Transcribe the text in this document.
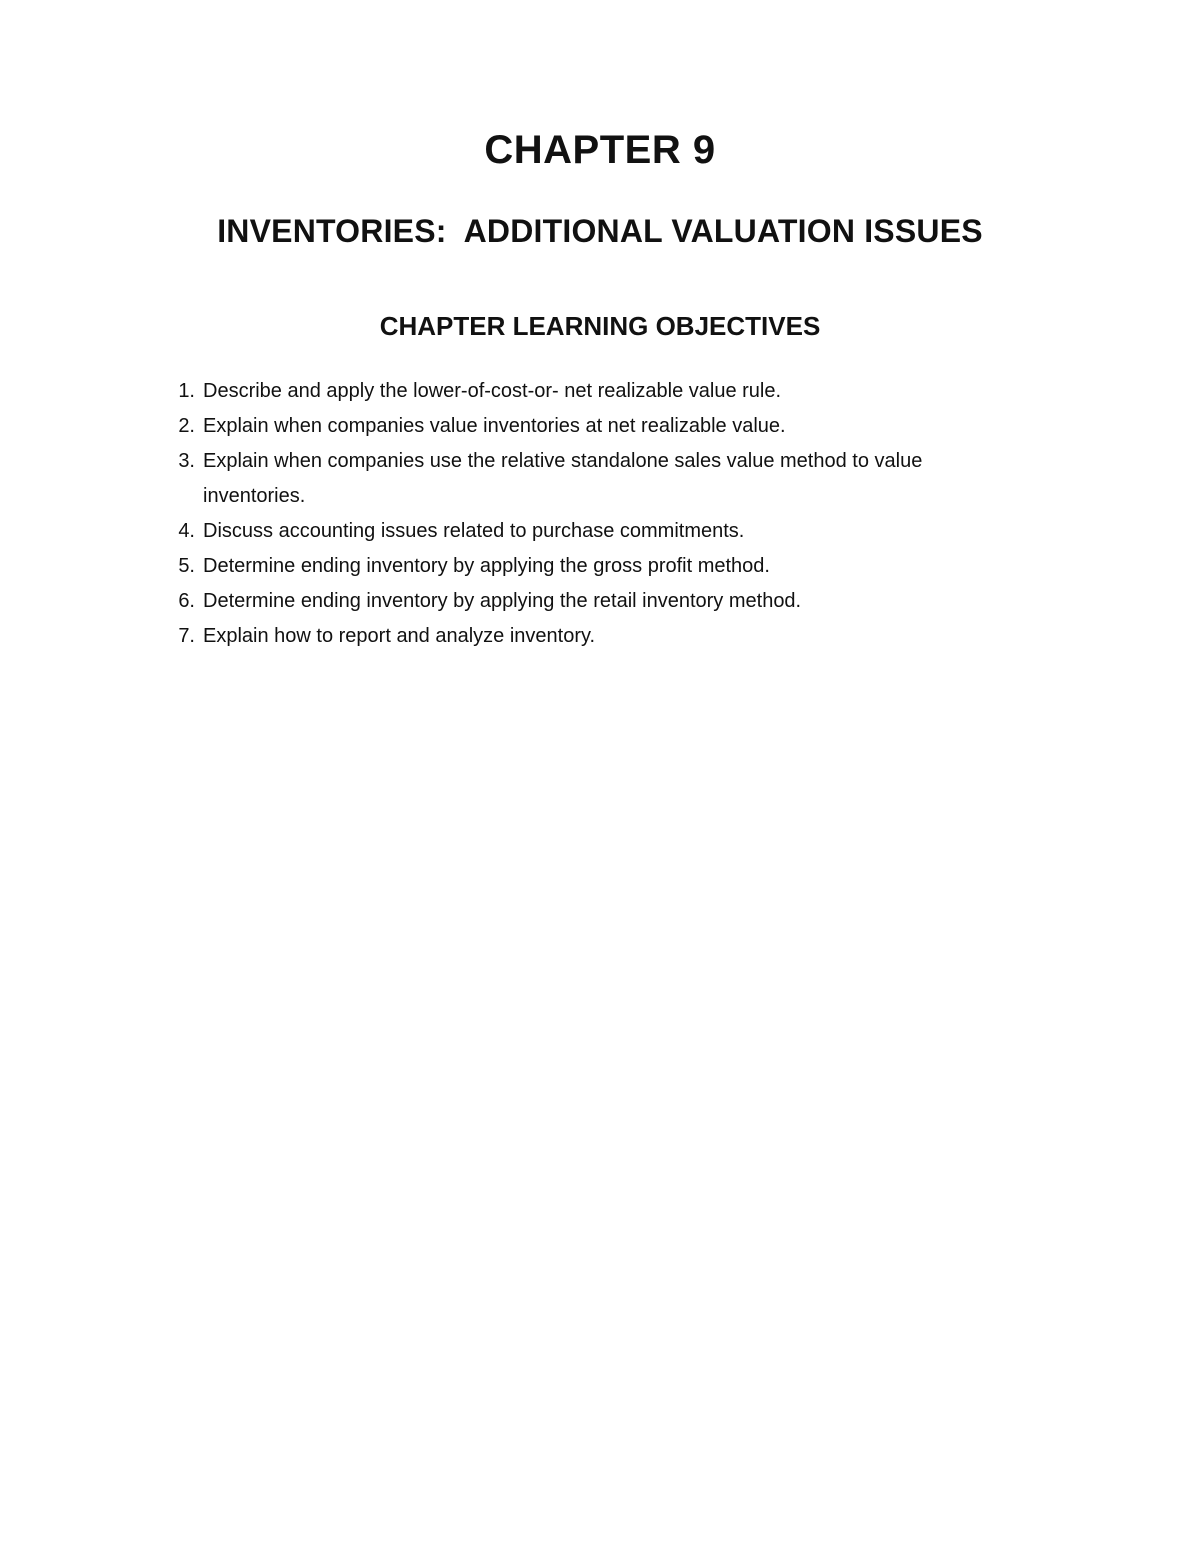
CHAPTER 9
INVENTORIES:  ADDITIONAL VALUATION ISSUES
CHAPTER LEARNING OBJECTIVES
1. Describe and apply the lower-of-cost-or- net realizable value rule.
2. Explain when companies value inventories at net realizable value.
3. Explain when companies use the relative standalone sales value method to value inventories.
4. Discuss accounting issues related to purchase commitments.
5. Determine ending inventory by applying the gross profit method.
6. Determine ending inventory by applying the retail inventory method.
7. Explain how to report and analyze inventory.
